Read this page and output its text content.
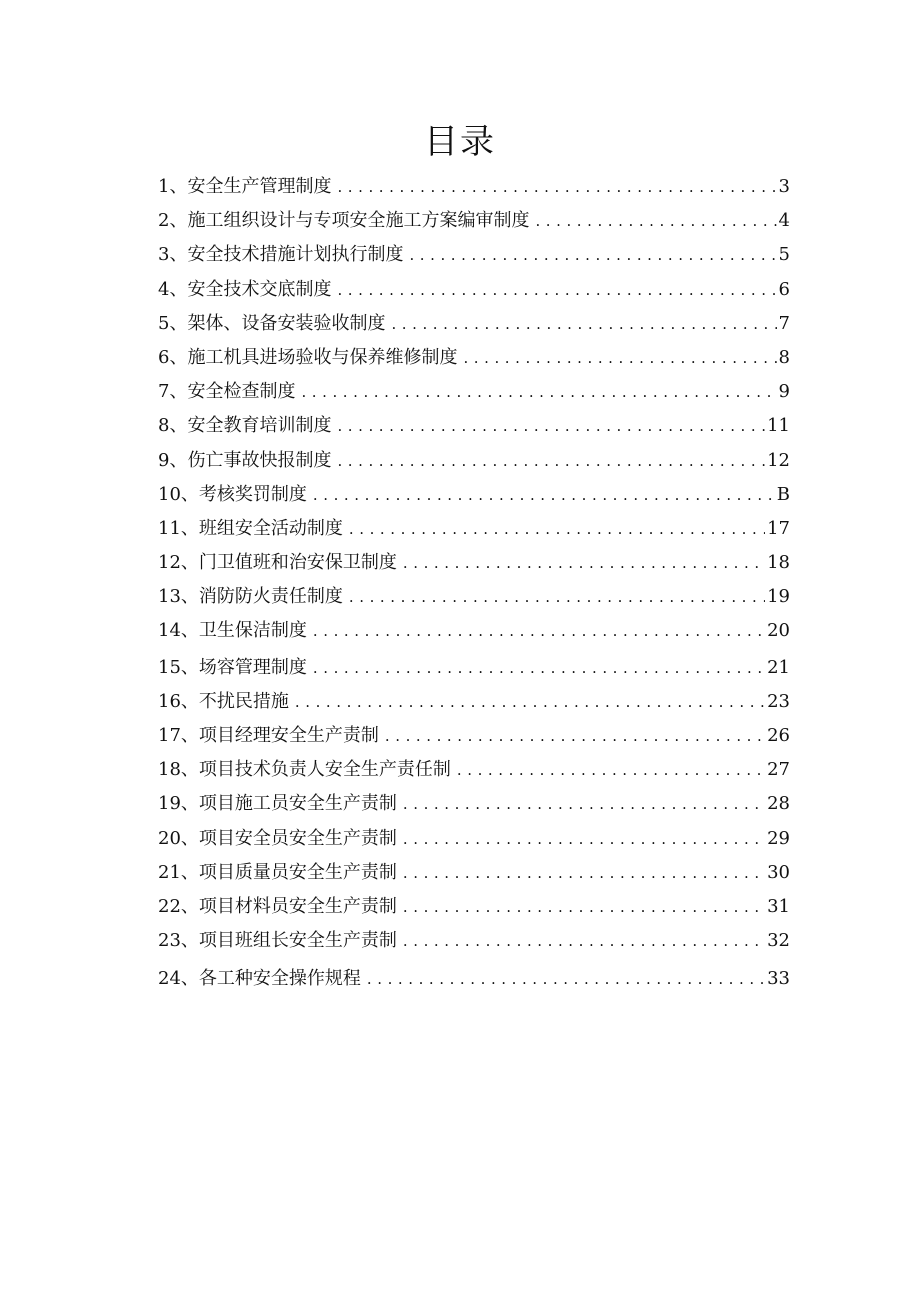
目录
1、安全生产管理制度 . . .	3
2、施工组织设计与专项安全施工方案编审制度 . . .	4
3、安全技术措施计划执行制度 . . .	5
4、安全技术交底制度 . . .	6
5、架体、设备安装验收制度 . . .	7
6、施工机具进场验收与保养维修制度 . . .	8
7、安全检查制度 . . .	9
8、安全教育培训制度 . . .	11
9、伤亡事故快报制度 . . .	12
10、考核奖罚制度 . . .	B
11、班组安全活动制度 . . .	17
12、门卫值班和治安保卫制度 . . .	18
13、消防防火责任制度 . . .	19
14、卫生保洁制度 . . .	20
15、场容管理制度 . . .	21
16、不扰民措施 . . .	23
17、项目经理安全生产责制 . . .	26
18、项目技术负责人安全生产责任制 . . .	27
19、项目施工员安全生产责制 . . .	28
20、项目安全员安全生产责制 . . .	29
21、项目质量员安全生产责制 . . .	30
22、项目材料员安全生产责制 . . .	31
23、项目班组长安全生产责制 . . .	32
24、各工种安全操作规程 . . .	33
